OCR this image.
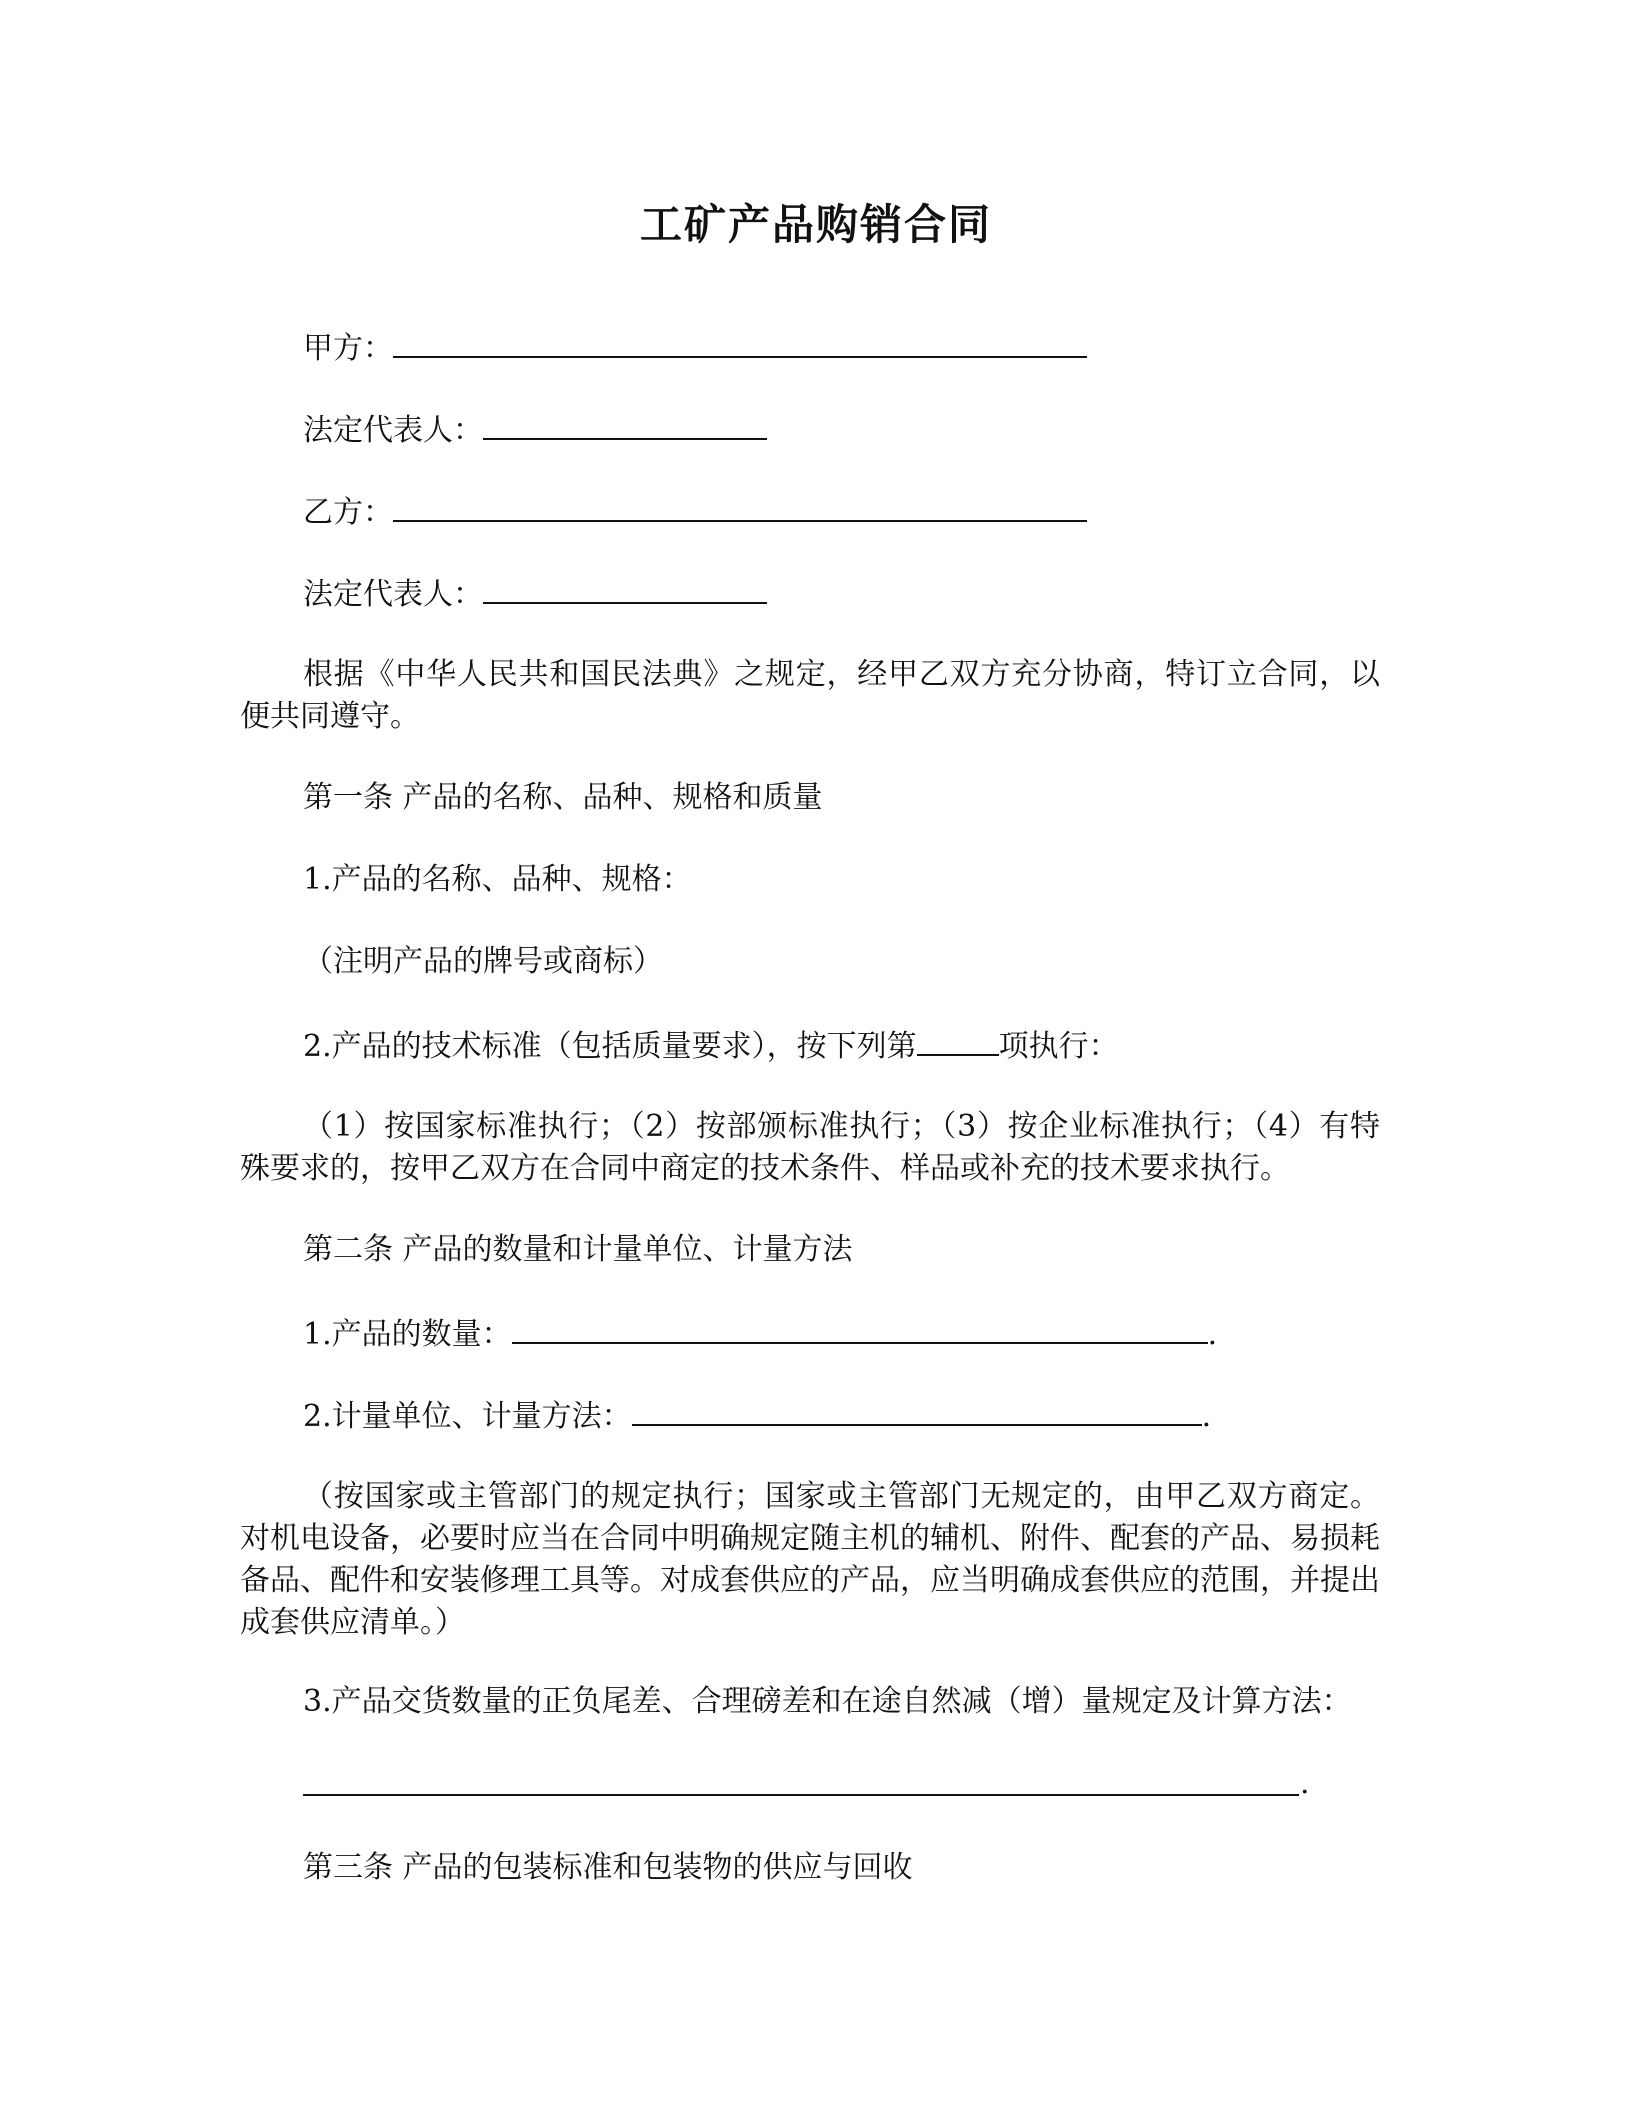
工矿产品购销合同
甲方：
法定代表人：
乙方：
法定代表人：
根据《中华人民共和国民法典》之规定，经甲乙双方充分协商，特订立合同，以便共同遵守。
第一条 产品的名称、品种、规格和质量
1.产品的名称、品种、规格：
（注明产品的牌号或商标）
2.产品的技术标准（包括质量要求），按下列第	项执行：
（1）按国家标准执行；（2）按部颁标准执行；（3）按企业标准执行；（4）有特殊要求的，按甲乙双方在合同中商定的技术条件、样品或补充的技术要求执行。
第二条 产品的数量和计量单位、计量方法
1.产品的数量：	.
2.计量单位、计量方法：	.
（按国家或主管部门的规定执行；国家或主管部门无规定的，由甲乙双方商定。对机电设备，必要时应当在合同中明确规定随主机的辅机、附件、配套的产品、易损耗备品、配件和安装修理工具等。对成套供应的产品，应当明确成套供应的范围，并提出成套供应清单。）
3.产品交货数量的正负尾差、合理磅差和在途自然减（增）量规定及计算方法：
.
第三条 产品的包装标准和包装物的供应与回收
